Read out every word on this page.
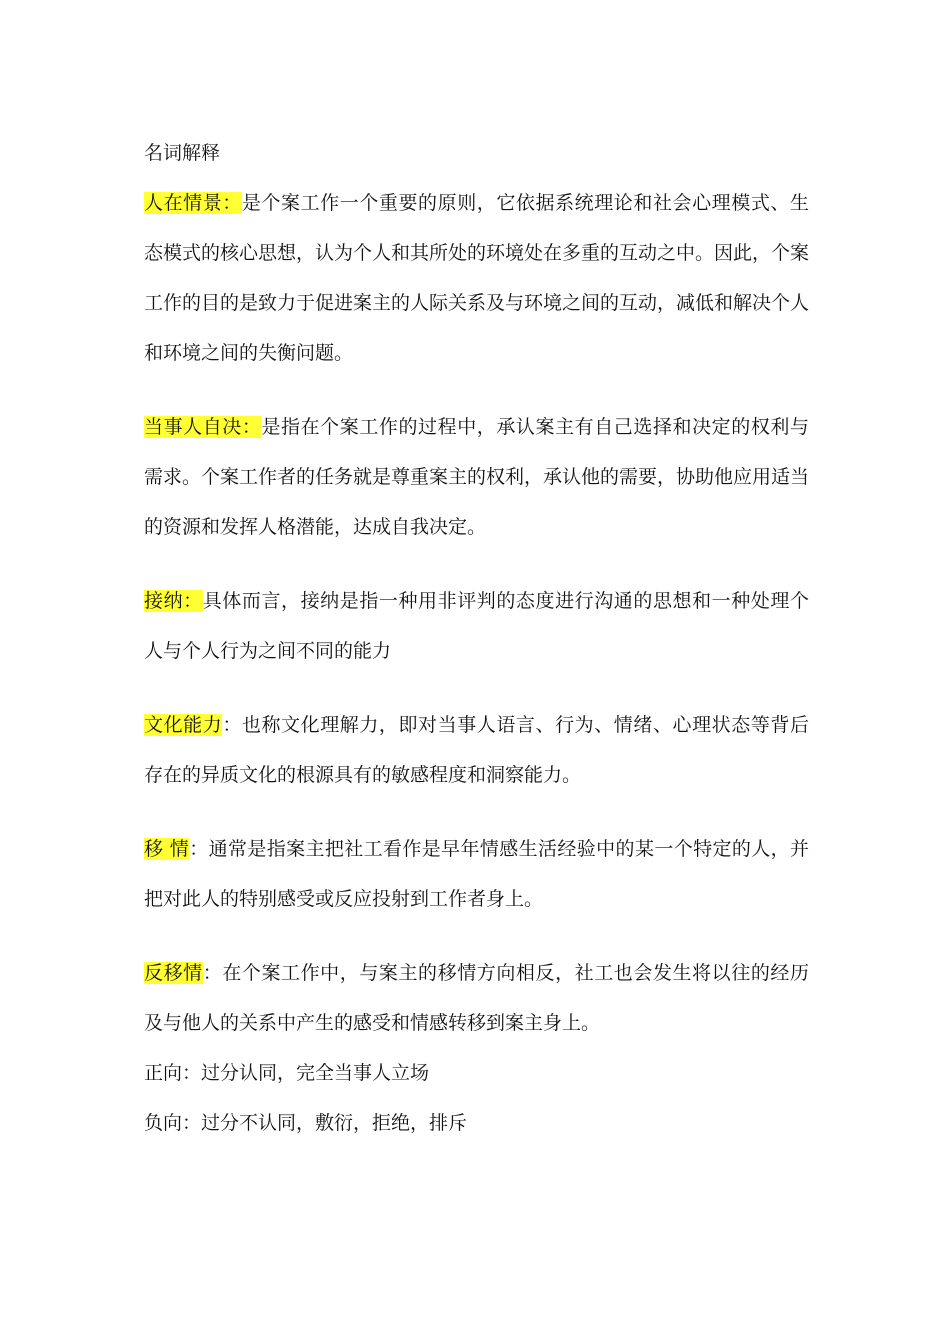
名词解释

人在情景：是个案工作一个重要的原则，它依据系统理论和社会心理模式、生态模式的核心思想，认为个人和其所处的环境处在多重的互动之中。因此，个案工作的目的是致力于促进案主的人际关系及与环境之间的互动，减低和解决个人和环境之间的失衡问题。

当事人自决：是指在个案工作的过程中，承认案主有自己选择和决定的权利与需求。个案工作者的任务就是尊重案主的权利，承认他的需要，协助他应用适当的资源和发挥人格潜能，达成自我决定。

接纳：具体而言，接纳是指一种用非评判的态度进行沟通的思想和一种处理个人与个人行为之间不同的能力

文化能力：也称文化理解力，即对当事人语言、行为、情绪、心理状态等背后存在的异质文化的根源具有的敏感程度和洞察能力。

移 情：通常是指案主把社工看作是早年情感生活经验中的某一个特定的人，并把对此人的特别感受或反应投射到工作者身上。

反移情：在个案工作中，与案主的移情方向相反，社工也会发生将以往的经历及与他人的关系中产生的感受和情感转移到案主身上。

正向：过分认同，完全当事人立场

负向：过分不认同，敷衍，拒绝，排斥
